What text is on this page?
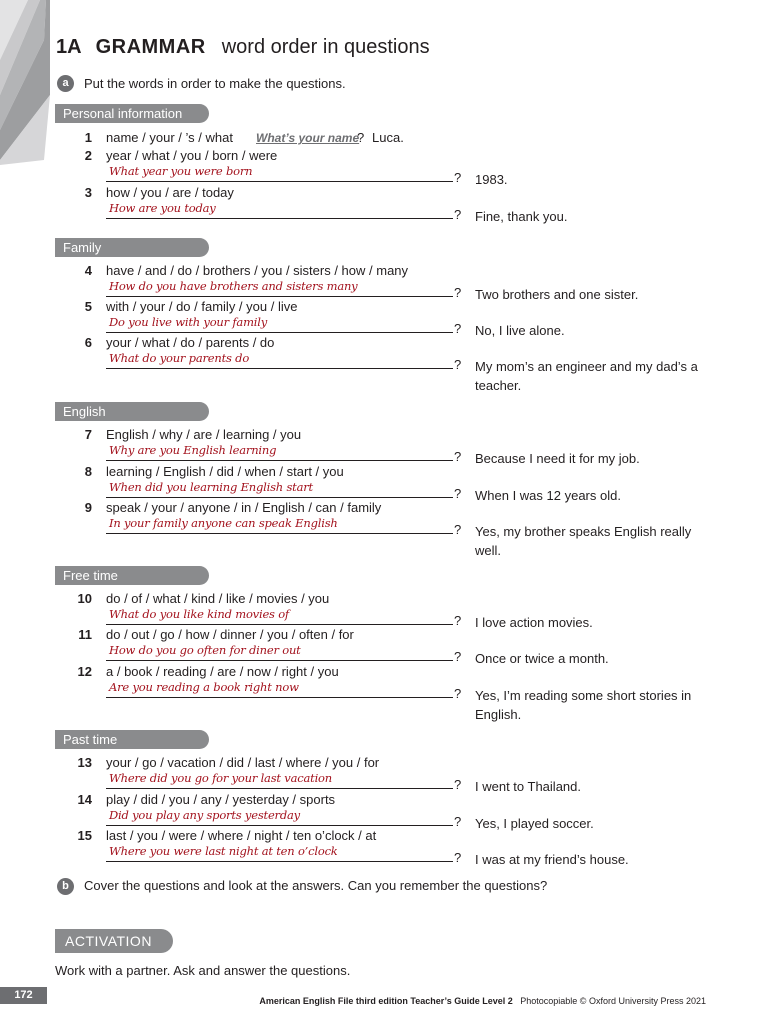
1A GRAMMAR word order in questions
a	Put the words in order to make the questions.
Personal information
1 name / your / ’s / what What’s your name
? Luca.
2 year / what / you / born / were
What year you were born	? 1983.
3 how / you / are / today
How are you today	? Fine, thank you.
Family
4 have / and / do / brothers / you / sisters / how / many
How do you have brothers and sisters many	? Two brothers and one sister.
5 with / your / do / family / you / live
Do you live with your family	? No, I live alone.
6 your / what / do / parents / do
What do your parents do	? My mom’s an engineer and my dad’s a teacher.
English
7 English / why / are / learning / you
Why are you English learning	? Because I need it for my job.
8 learning / English / did / when / start / you
When did you learning English start	? When I was 12 years old.
9 speak / your / anyone / in / English / can / family
In your family anyone can speak English	? Yes, my brother speaks English really well.
Free time
10 do / of / what / kind / like / movies / you
What do you like kind movies of	? I love action movies.
11 do / out / go / how / dinner / you / often / for
How do you go often for diner out	? Once or twice a month.
12 a / book / reading / are / now / right / you
Are you reading a book right now	? Yes, I’m reading some short stories in English.
Past time
13 your / go / vacation / did / last / where / you / for
Where did you go for your last vacation	? I went to Thailand.
14 play / did / you / any / yesterday / sports
Did you play any sports yesterday	? Yes, I played soccer.
15 last / you / were / where / night / ten o’clock / at
Where you were last night at ten o’clock	? I was at my friend’s house.
b	Cover the questions and look at the answers. Can you remember the questions?
ACTIVATION
Work with a partner. Ask and answer the questions.
172	American English File third edition Teacher’s Guide Level 2 Photocopiable © Oxford University Press 2021
